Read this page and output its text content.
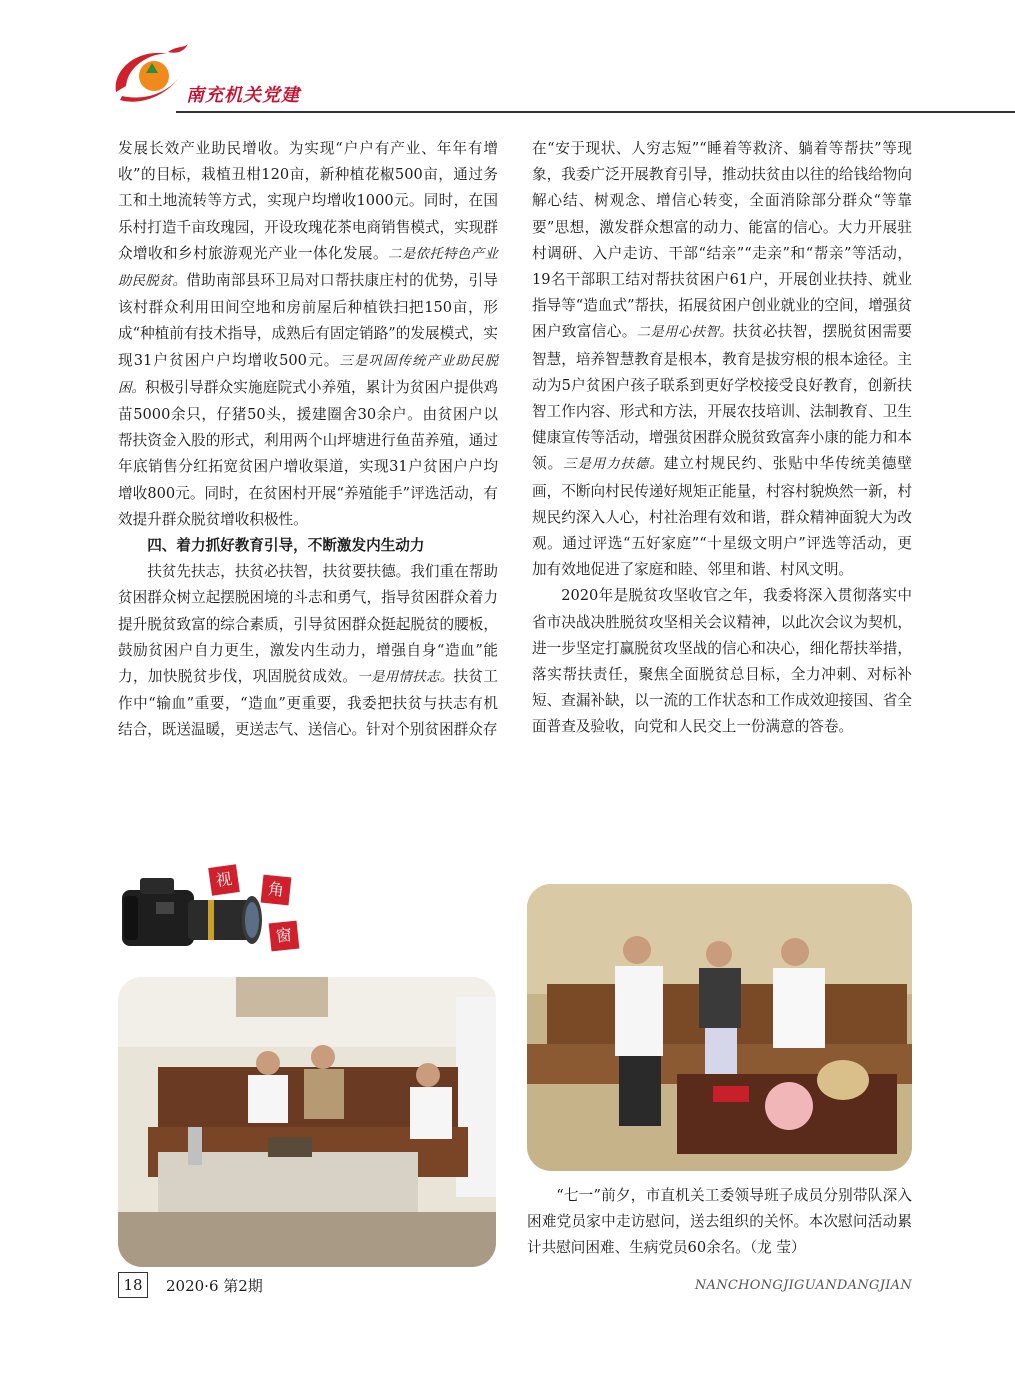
南充机关党建

发展长效产业助民增收。为实现“户户有产业、年年有增收”的目标，栽植丑柑120亩，新种植花椒500亩，通过务工和土地流转等方式，实现户均增收1000元。同时，在国乐村打造千亩玫瑰园，开设玫瑰花茶电商销售模式，实现群众增收和乡村旅游观光产业一体化发展。二是依托特色产业助民脱贫。借助南部县环卫局对口帮扶康庄村的优势，引导该村群众利用田间空地和房前屋后种植铁扫把150亩，形成“种植前有技术指导，成熟后有固定销路”的发展模式，实现31户贫困户户均增收500元。三是巩固传统产业助民脱困。积极引导群众实施庭院式小养殖，累计为贫困户提供鸡苗5000余只，仔猪50头，援建圈舍30余户。由贫困户以帮扶资金入股的形式，利用两个山坪塘进行鱼苗养殖，通过年底销售分红拓宽贫困户增收渠道，实现31户贫困户户均增收800元。同时，在贫困村开展“养殖能手”评选活动，有效提升群众脱贫增收积极性。

四、着力抓好教育引导，不断激发内生动力

扶贫先扶志，扶贫必扶智，扶贫要扶德。我们重在帮助贫困群众树立起摆脱困境的斗志和勇气，指导贫困群众着力提升脱贫致富的综合素质，引导贫困群众挺起脱贫的腰板，鼓励贫困户自力更生，激发内生动力，增强自身“造血”能力，加快脱贫步伐，巩固脱贫成效。一是用情扶志。扶贫工作中“输血”重要，“造血”更重要，我委把扶贫与扶志有机结合，既送温暖，更送志气、送信心。针对个别贫困群众存

在“安于现状、人穷志短”“睡着等救济、躺着等帮扶”等现象，我委广泛开展教育引导，推动扶贫由以往的给钱给物向解心结、树观念、增信心转变，全面消除部分群众“等靠要”思想，激发群众想富的动力、能富的信心。大力开展驻村调研、入户走访、干部“结亲”“走亲”和“帮亲”等活动，19名干部职工结对帮扶贫困户61户，开展创业扶持、就业指导等“造血式”帮扶，拓展贫困户创业就业的空间，增强贫困户致富信心。二是用心扶智。扶贫必扶智，摆脱贫困需要智慧，培养智慧教育是根本，教育是拔穷根的根本途径。主动为5户贫困户孩子联系到更好学校接受良好教育，创新扶智工作内容、形式和方法，开展农技培训、法制教育、卫生健康宣传等活动，增强贫困群众脱贫致富奔小康的能力和本领。三是用力扶德。建立村规民约、张贴中华传统美德壁画，不断向村民传递好规矩正能量，村容村貌焕然一新，村规民约深入人心，村社治理有效和谐，群众精神面貌大为改观。通过评选“五好家庭”“十星级文明户”评选等活动，更加有效地促进了家庭和睦、邻里和谐、村风文明。

2020年是脱贫攻坚收官之年，我委将深入贯彻落实中省市决战决胜脱贫攻坚相关会议精神，以此次会议为契机，进一步坚定打赢脱贫攻坚战的信心和决心，细化帮扶举措，落实帮扶责任，聚焦全面脱贫总目标，全力冲刺、对标补短、查漏补缺，以一流的工作状态和工作成效迎接国、省全面普查及验收，向党和人民交上一份满意的答卷。

视	角
窗

“七一”前夕，市直机关工委领导班子成员分别带队深入困难党员家中走访慰问，送去组织的关怀。本次慰问活动累计共慰问困难、生病党员60余名。（龙 莹）

18	2020·6 第2期	NANCHONGJIGUANDANGJIAN
